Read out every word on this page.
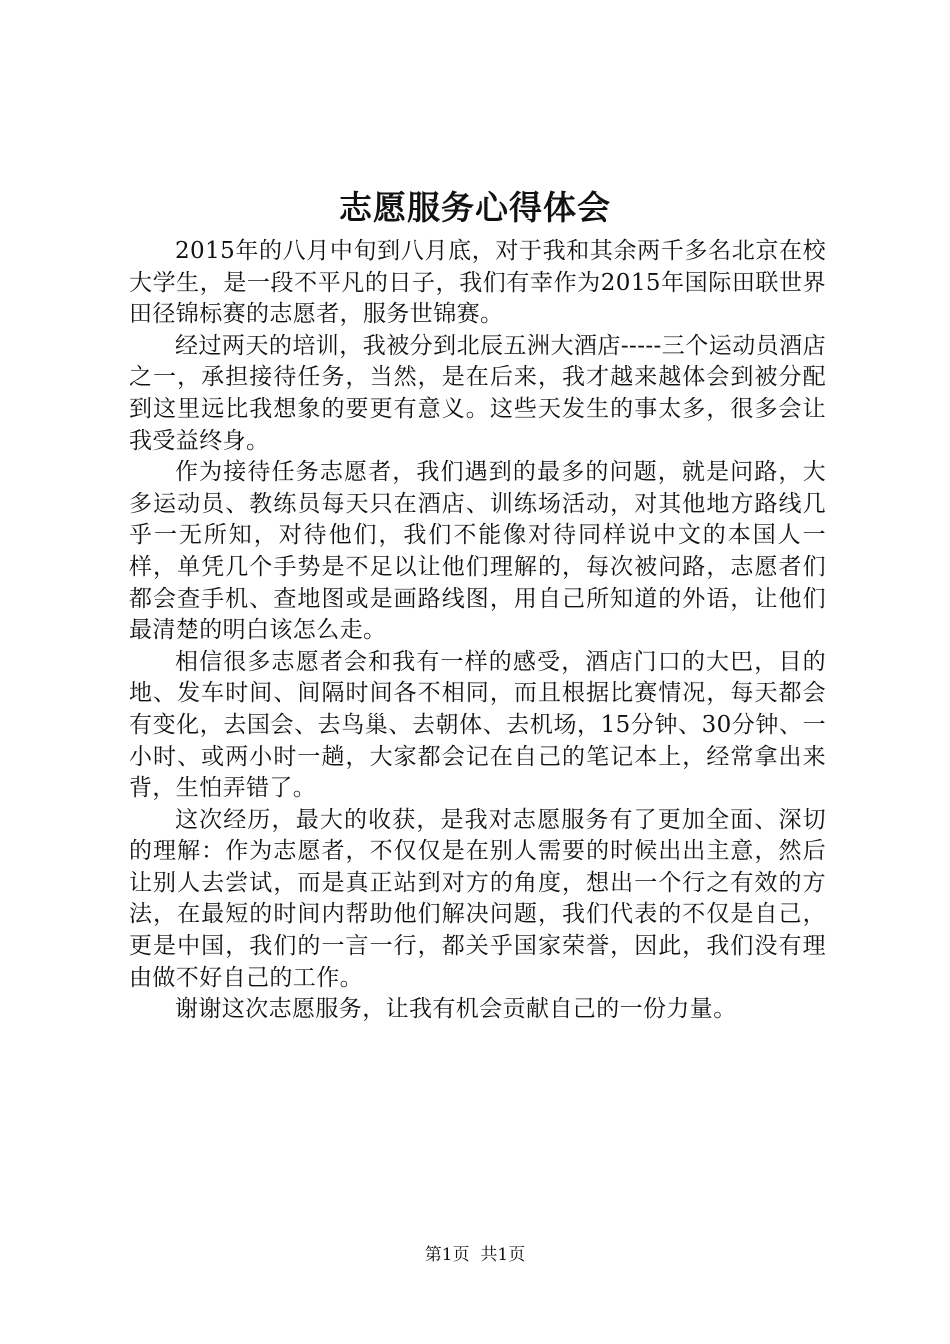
志愿服务心得体会

2015年的八月中旬到八月底，对于我和其余两千多名北京在校大学生，是一段不平凡的日子，我们有幸作为2015年国际田联世界田径锦标赛的志愿者，服务世锦赛。

经过两天的培训，我被分到北辰五洲大酒店-----三个运动员酒店之一，承担接待任务，当然，是在后来，我才越来越体会到被分配到这里远比我想象的要更有意义。这些天发生的事太多，很多会让我受益终身。

作为接待任务志愿者，我们遇到的最多的问题，就是问路，大多运动员、教练员每天只在酒店、训练场活动，对其他地方路线几乎一无所知，对待他们，我们不能像对待同样说中文的本国人一样，单凭几个手势是不足以让他们理解的，每次被问路，志愿者们都会查手机、查地图或是画路线图，用自己所知道的外语，让他们最清楚的明白该怎么走。

相信很多志愿者会和我有一样的感受，酒店门口的大巴，目的地、发车时间、间隔时间各不相同，而且根据比赛情况，每天都会有变化，去国会、去鸟巢、去朝体、去机场，15分钟、30分钟、一小时、或两小时一趟，大家都会记在自己的笔记本上，经常拿出来背，生怕弄错了。

这次经历，最大的收获，是我对志愿服务有了更加全面、深切的理解：作为志愿者，不仅仅是在别人需要的时候出出主意，然后让别人去尝试，而是真正站到对方的角度，想出一个行之有效的方法，在最短的时间内帮助他们解决问题，我们代表的不仅是自己，更是中国，我们的一言一行，都关乎国家荣誉，因此，我们没有理由做不好自己的工作。

谢谢这次志愿服务，让我有机会贡献自己的一份力量。

第1页 共1页
